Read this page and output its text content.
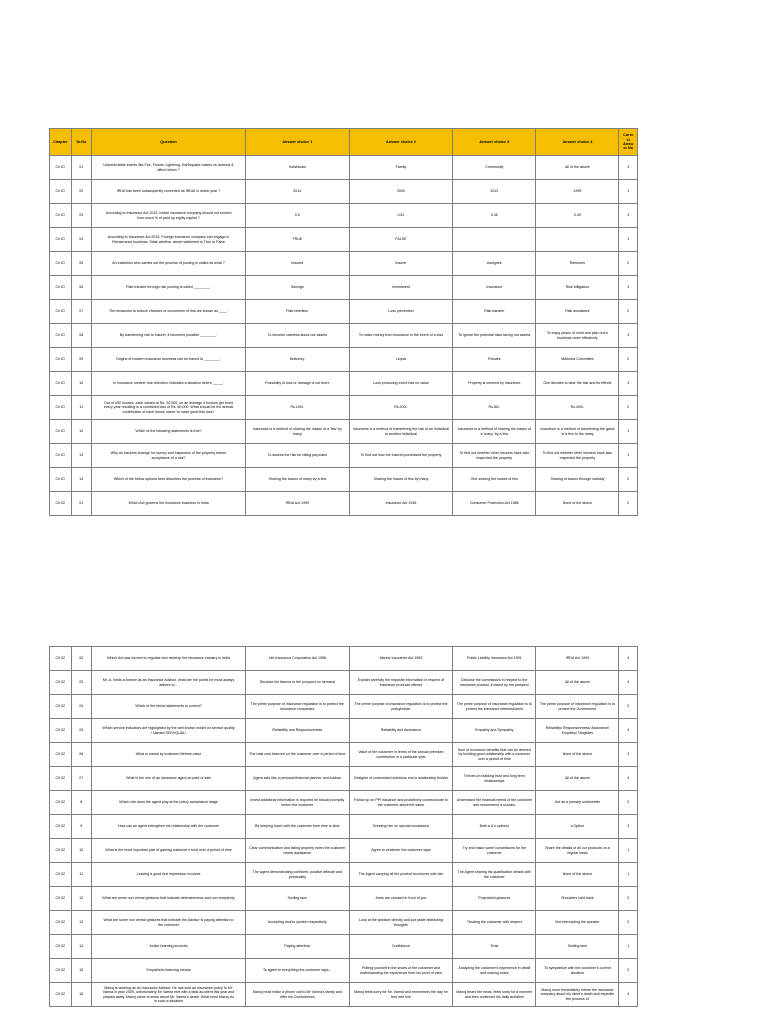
Chapter	Sr.No	Question	Answer choice 1	Answer choice 2	Answer choice 3	Answer choice 4	Correct Answer No
Ch 01	01	Unpredictable events like Fire, Floods, Lightning, Earthquake makes us anxious & affect whom ?	Individuals	Family	Community	All of the above	4
Ch 01	02	IRDA has been subsequently converted as IRDAI in which year ?	2014	2000	2012	1999	1
Ch 01	03	According to Insurance Act 2015, Indian insurance company should not exceed how much % of paid up equity capital ?	0.5	0.51	0.45	0.49	4
Ch 01	04	According to Insurance Act 2015, Foreign insurance company can engage in Reinsurance business. State whether above statement is True or False	TRUE	FALSE			1
Ch 01	05	An institution who carries out the process of pooling is called as what ?	Insured	Insurer	Assignee	Reinsurer	2
Ch 01	06	Risk transfer through risk pooling is called ________.	Savings	Investment	Insurance	Risk Mitigation	3
Ch 01	07	The measures to reduce chances of occurrence of risk are known as ____.	Risk retention	Loss prevention	Risk transfer	Risk avoidance	2
Ch 01	08	By transferring risk to insurer, it becomes possible ________.	To become careless about our assets	To make money from insurance in the event of a loss	To ignore the potential risks facing our assets	To enjoy peace of mind and plan one's business more effectively	4
Ch 01	09	Origins of modern insurance business can be traced to ________.	Bottomry	Lloyds	Rhodes	Malhotra Committee	2
Ch 01	10	In insurance context 'risk retention' indicates a situation where _____.	Possibility of loss or damage is not there	Loss producing event has no value	Property is covered by insurance	One decides to bear the risk and its effects	4
Ch 01	11	Out of 400 houses, each valued at Rs. 20,000, on an average 4 houses get burnt every year resulting in a combined loss of Rs. 80,000. What should be the annual contribution of each house owner to make good this loss?	Rs.100/-	Rs.200/-	Rs.80/-	Rs.400/-	2
Ch 01	12	Which of the following statements is true?	Insurance is a method of sharing the losses of a 'few' by 'many'	Insurance is a method of transferring the risk of an individual to another individual	Insurance is a method of sharing the losses of a 'many' by a few	Insurance is a method of transferring the gains of a few to the many	1
Ch 01	13	Why do insurers arrange for survey and inspection of the property before acceptance of a risk?	To assess the risk for rating purposes	To find out how the insured purchased the property	To find out whether other insurers have also inspected the property	To find out whether other insurers have also inspected the property	1
Ch 01	14	Which of the below options best describes the process of insurance?	Sharing the losses of many by a few	Sharing the losses of few by many	One sharing the losses of few	Sharing of losses through subsidy	2
Ch 02	01	Which Act governs the insurance business in India	IRDA Act 1999	Insurance Act 1938	Consumer Protection Act 1986	None of the above	2
Ch 02	02	Which Act was formed to regulate and develop the insurance industry in India	Life Insurance Corporation Act 1956	Marine Insurance Act 1963	Public Liability Insurance Act 1991	IRDA Act 1999	4
Ch 02	03	Mr. A. holds a licence as an Insurance Advisor, what are the points he must always adhere to...	Disclose his licence to the prospect on demand	Explain carefully the requisite information in respect of insurance products offered	Disclose the commission in respect to the insurance product, if asked by the prospect	All of the above	4
Ch 02	04	Which of the below statements is correct?	The prime purpose of insurance regulation is to protect the insurance companies	The prime purpose of insurance regulation is to protect the policyholder	The prime purpose of insurance regulation is to protect the insurance intermediaries	The prime purpose of insurance regulation is to protect the Government	2
Ch 02	05	Which service indicators are highlighted by the well known model on service quality ! Named SERVQUAL!	Reliability and Responsiveness	Reliability and Assurance	Empathy and Sympathy	Reliability/ Responsiveness/ Assurance/ Empathy/ Tangibles	4
Ch 02	06	What is meant by customer lifetime value	The total cost incurred on the customer over a period of time	Value of the customer in terms of the annual premium contribution in a particular year	Sum of economic benefits that can be derived by building good relationship with a customer over a period of time	None of the above	3
Ch 02	07	What is the role of an insurance agent at point of sale	Agent acts like a personal financial planner and Advisor	Designer of customized solutions and a relationship builder	Thrives on building trust and long term relationships	All of the above	4
Ch 02	8	Which role does the agent play at the policy acceptance stage	Invest additional information is required he should promptly inform the customer	Follow up on PPI issuance and proactively communicate to the customer about the same	Understand the financial needs of the customer and recommend a solution	Act as a primary underwriter	2
Ch 02	9	How can an agent strengthen his relationship with the customer	By keeping touch with the customer from time to time	Greeting him on special occassions	Both a & b options	a Option	3
Ch 02	10	What is the most important part of gaining customer's trust over a period of time	Clear communication and listing properly when the customer needs assistance	Agree to whatever the customer says	Try and make some concessions for the customer	Share the details of all our products on a regular basis	1
Ch 02	11	Leaving a good first impression involves	The agent demonstrating confident, positive attitude and punctuality	The Agent carrying all the product brochures with him	The Agent sharing his qualification details with the customer	None of the above	1
Ch 02	12	What are some non verbal gestures that indicate defensiveness and non receptivity	Smiling face	Arms are crossed in front of you	Purposeful gestures	Shoulders held back	2
Ch 02	13	What are some non verbal gestures that indicate the Advisor is paying attention to the customer	Accepting and/or opinion respectfully	Look at the speaker directly and put aside distracting thoughts	Treating the customer with respect	Not interrupting the speaker	2
Ch 02	14	Active listening involves	Paying attention	Confidence	Trust	Smiling face	1
Ch 02	15	Empathetic listening means	To agree to everything the customer says...	Putting yourself in the shoes of the customer and understanding the experience from his point of view	Analyzing the customer's experience in detail and making notes	To sympathize with the customer's current situation	2
Ch 02	16	Manoj is working as an Insurance Advisor. He has sold an insurance policy to Mr. Varma in year 2009. unfortunately Mr Varma met with a fatal accident this year and passed away. Manoj came to know about Mr. Varma's death. What must Manoj do in such a situation	Manoj must make a phone call to Mr Varma's family and offer his Condolences	Manoj feels sorry for Mr. Varma and remembers the day he first met him	Manoj hears the news, feels sorry for a moment and then continues his daily activities	Manoj must immediately inform the insurance company about his client's death and expedite the process of	4
